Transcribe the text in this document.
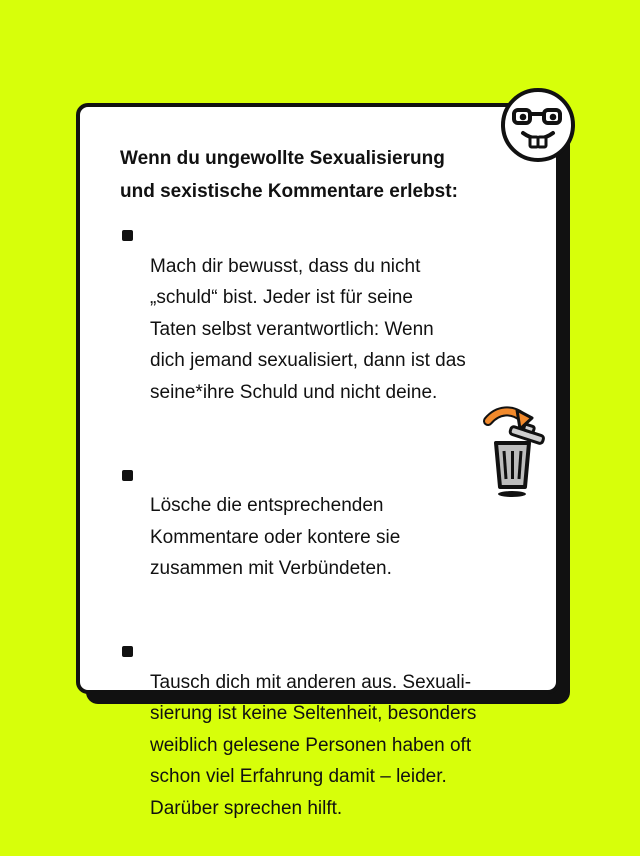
Wenn du ungewollte Sexualisierung
und sexistische Kommentare erlebst:

Mach dir bewusst, dass du nicht
„schuld“ bist. Jeder ist für seine
Taten selbst verantwortlich: Wenn
dich jemand sexualisiert, dann ist das
seine*ihre Schuld und nicht deine.

Lösche die entsprechenden
Kommentare oder kontere sie
zusammen mit Verbündeten.

Tausch dich mit anderen aus. Sexuali-
sierung ist keine Seltenheit, besonders
weiblich gelesene Personen haben oft
schon viel Erfahrung damit – leider.
Darüber sprechen hilft.
